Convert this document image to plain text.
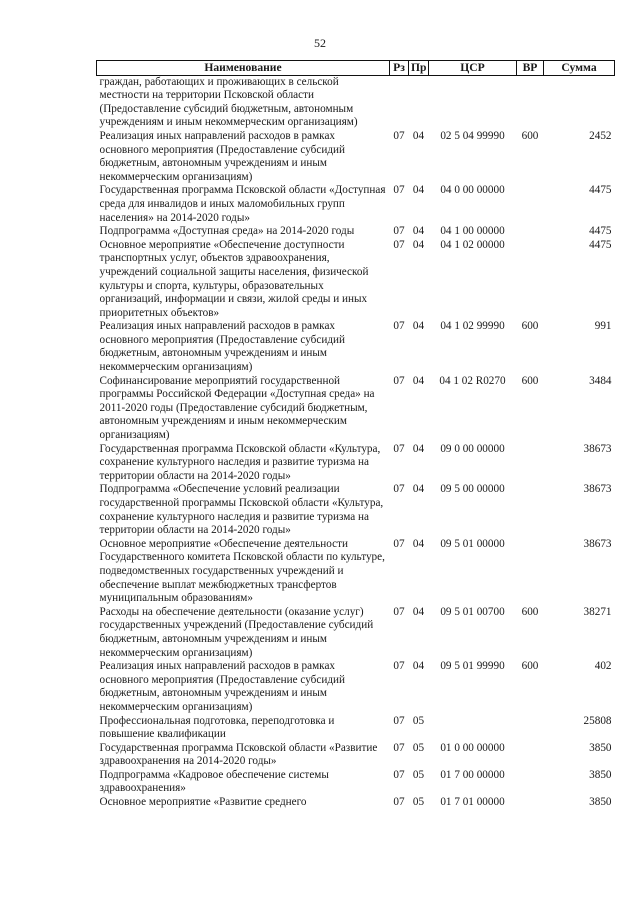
52
Наименование	Рз	Пр	ЦСР	ВР	Сумма
граждан, работающих и проживающих в сельской местности на территории Псковской области (Предоставление субсидий бюджетным, автономным учреждениям и иным некоммерческим организациям)					
Реализация иных направлений расходов в рамках основного мероприятия (Предоставление субсидий бюджетным, автономным учреждениям и иным некоммерческим организациям)	07	04	02 5 04 99990	600	2452
Государственная программа Псковской области «Доступная среда для инвалидов и иных маломобильных групп населения» на 2014-2020 годы»	07	04	04 0 00 00000		4475
Подпрограмма «Доступная среда» на 2014-2020 годы	07	04	04 1 00 00000		4475
Основное мероприятие «Обеспечение доступности транспортных услуг, объектов здравоохранения, учреждений социальной защиты населения, физической культуры и спорта, культуры, образовательных организаций, информации и связи, жилой среды и иных приоритетных объектов»	07	04	04 1 02 00000		4475
Реализация иных направлений расходов в рамках основного мероприятия (Предоставление субсидий бюджетным, автономным учреждениям и иным некоммерческим организациям)	07	04	04 1 02 99990	600	991
Софинансирование мероприятий государственной программы Российской Федерации «Доступная среда» на 2011-2020 годы (Предоставление субсидий бюджетным, автономным учреждениям и иным некоммерческим организациям)	07	04	04 1 02 R0270	600	3484
Государственная программа Псковской области «Культура, сохранение культурного наследия и развитие туризма на территории области на 2014-2020 годы»	07	04	09 0 00 00000		38673
Подпрограмма «Обеспечение условий реализации государственной программы Псковской области «Культура, сохранение культурного наследия и развитие туризма на территории области на 2014-2020 годы»	07	04	09 5 00 00000		38673
Основное мероприятие «Обеспечение деятельности Государственного комитета Псковской области по культуре, подведомственных государственных учреждений и обеспечение выплат межбюджетных трансфертов муниципальным образованиям»	07	04	09 5 01 00000		38673
Расходы на обеспечение деятельности (оказание услуг) государственных учреждений (Предоставление субсидий бюджетным, автономным учреждениям и иным некоммерческим организациям)	07	04	09 5 01 00700	600	38271
Реализация иных направлений расходов в рамках основного мероприятия (Предоставление субсидий бюджетным, автономным учреждениям и иным некоммерческим организациям)	07	04	09 5 01 99990	600	402
Профессиональная подготовка, переподготовка и повышение квалификации	07	05			25808
Государственная программа Псковской области «Развитие здравоохранения на 2014-2020 годы»	07	05	01 0 00 00000		3850
Подпрограмма «Кадровое обеспечение системы здравоохранения»	07	05	01 7 00 00000		3850
Основное мероприятие «Развитие среднего	07	05	01 7 01 00000		3850
